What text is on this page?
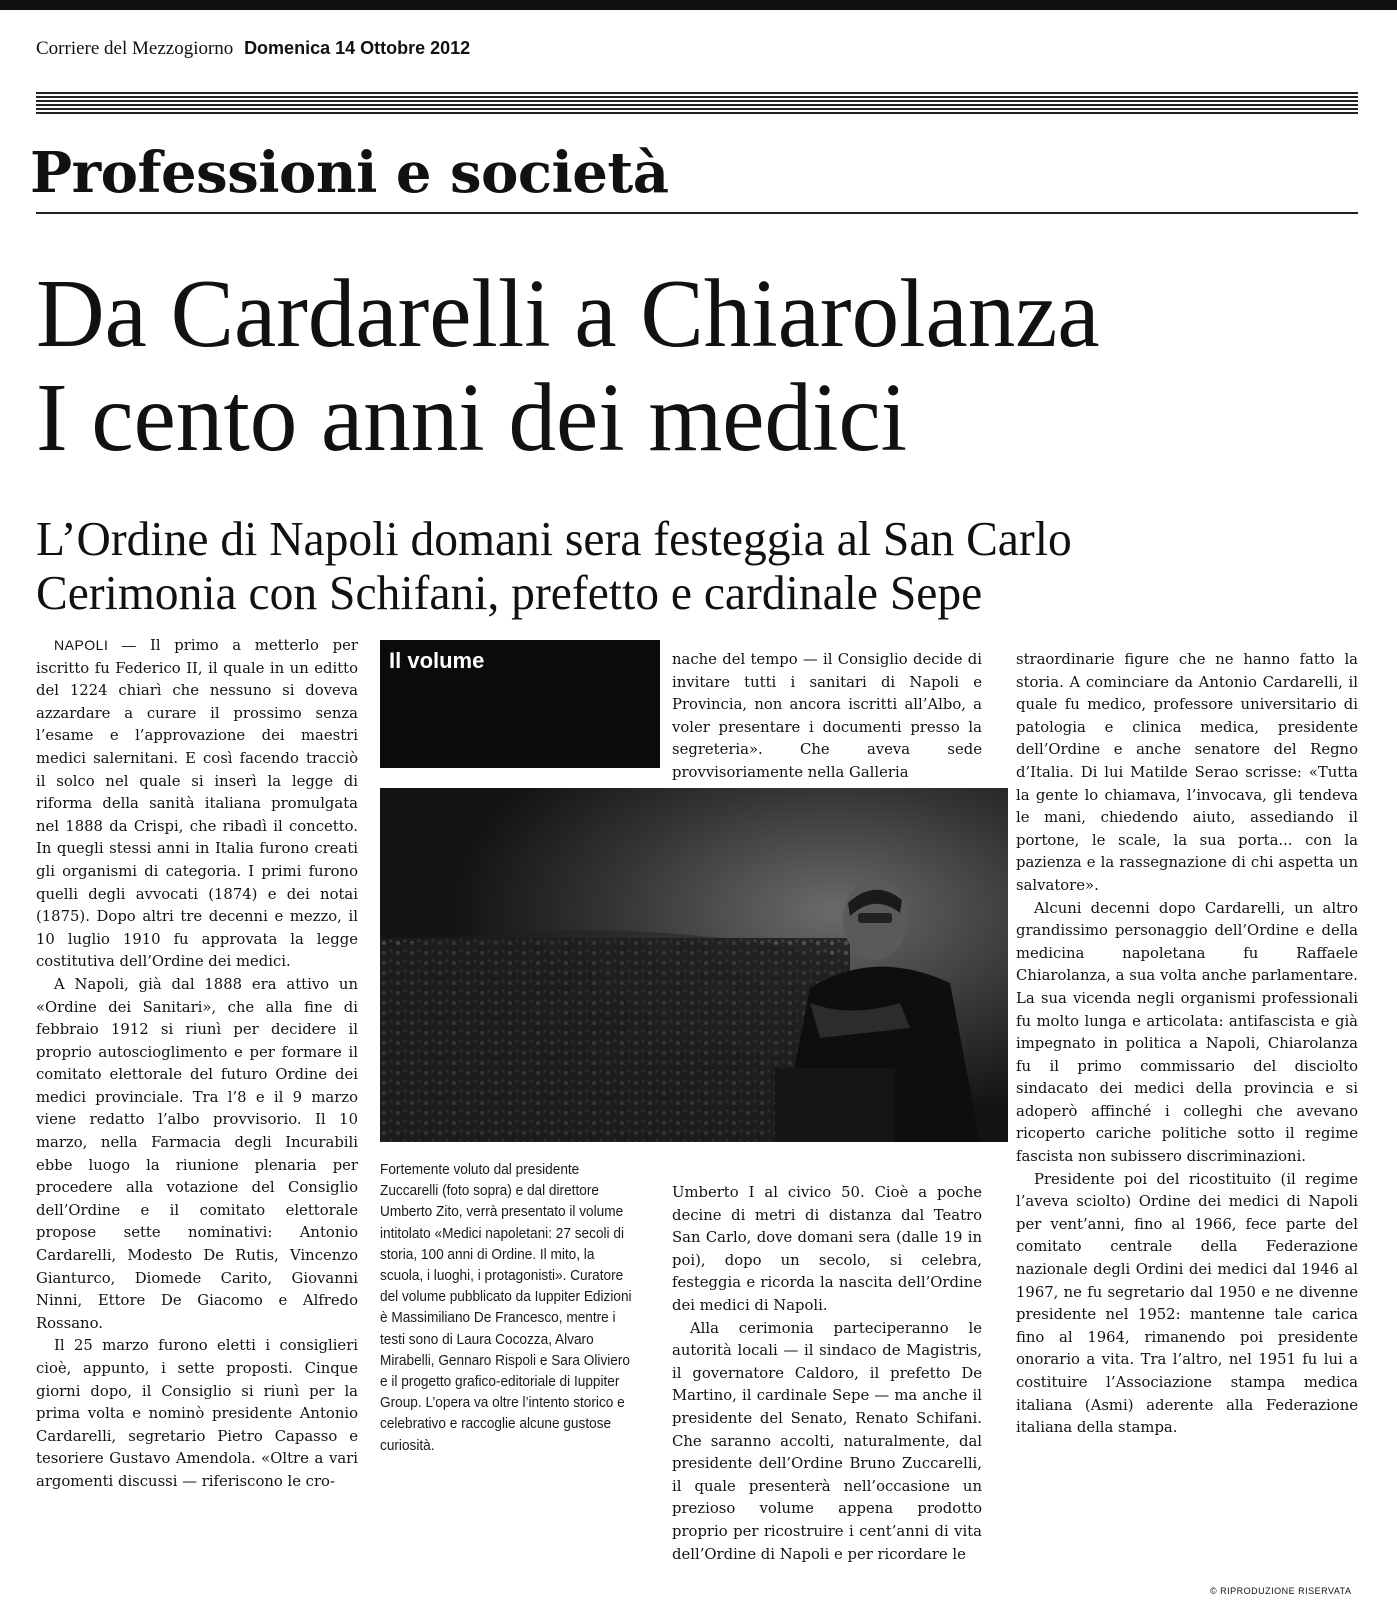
Corriere del Mezzogiorno Domenica 14 Ottobre 2012
Professioni e società
Da Cardarelli a Chiarolanza
I cento anni dei medici
L’Ordine di Napoli domani sera festeggia al San Carlo
Cerimonia con Schifani, prefetto e cardinale Sepe

NAPOLI — Il primo a metterlo per iscritto fu Federico II, il quale in un editto del 1224 chiarì che nessuno si doveva azzardare a curare il prossimo senza l’esame e l’approvazione dei maestri medici salernitani. E così facendo tracciò il solco nel quale si inserì la legge di riforma della sanità italiana promulgata nel 1888 da Crispi, che ribadì il concetto. In quegli stessi anni in Italia furono creati gli organismi di categoria. I primi furono quelli degli avvocati (1874) e dei notai (1875). Dopo altri tre decenni e mezzo, il 10 luglio 1910 fu approvata la legge costitutiva dell’Ordine dei medici.

A Napoli, già dal 1888 era attivo un «Ordine dei Sanitari», che alla fine di febbraio 1912 si riunì per decidere il proprio autoscioglimento e per formare il comitato elettorale del futuro Ordine dei medici provinciale. Tra l’8 e il 9 marzo viene redatto l’albo provvisorio. Il 10 marzo, nella Farmacia degli Incurabili ebbe luogo la riunione plenaria per procedere alla votazione del Consiglio dell’Ordine e il comitato elettorale propose sette nominativi: Antonio Cardarelli, Modesto De Rutis, Vincenzo Gianturco, Diomede Carito, Giovanni Ninni, Ettore De Giacomo e Alfredo Rossano.

Il 25 marzo furono eletti i consiglieri cioè, appunto, i sette proposti. Cinque giorni dopo, il Consiglio si riunì per la prima volta e nominò presidente Antonio Cardarelli, segretario Pietro Capasso e tesoriere Gustavo Amendola. «Oltre a vari argomenti discussi — riferiscono le cro-

Il volume	nache del tempo — il Consiglio decide di invitare tutti i sanitari di Napoli e Provincia, non ancora iscritti all’Albo, a voler presentare i documenti presso la segreteria». Che aveva sede provvisoriamente nella Galleria

Fortemente voluto dal presidente Zuccarelli (foto sopra) e dal direttore Umberto Zito, verrà presentato il volume intitolato «Medici napoletani: 27 secoli di storia, 100 anni di Ordine. Il mito, la scuola, i luoghi, i protagonisti». Curatore del volume pubblicato da Iuppiter Edizioni è Massimiliano De Francesco, mentre i testi sono di Laura Cocozza, Alvaro Mirabelli, Gennaro Rispoli e Sara Oliviero e il progetto grafico-editoriale di Iuppiter Group. L’opera va oltre l’intento storico e celebrativo e raccoglie alcune gustose curiosità.

Umberto I al civico 50. Cioè a poche decine di metri di distanza dal Teatro San Carlo, dove domani sera (dalle 19 in poi), dopo un secolo, si celebra, festeggia e ricorda la nascita dell’Ordine dei medici di Napoli.

Alla cerimonia parteciperanno le autorità locali — il sindaco de Magistris, il governatore Caldoro, il prefetto De Martino, il cardinale Sepe — ma anche il presidente del Senato, Renato Schifani. Che saranno accolti, naturalmente, dal presidente dell’Ordine Bruno Zuccarelli, il quale presenterà nell’occasione un prezioso volume appena prodotto proprio per ricostruire i cent’anni di vita dell’Ordine di Napoli e per ricordare le

straordinarie figure che ne hanno fatto la storia. A cominciare da Antonio Cardarelli, il quale fu medico, professore universitario di patologia e clinica medica, presidente dell’Ordine e anche senatore del Regno d’Italia. Di lui Matilde Serao scrisse: «Tutta la gente lo chiamava, l’invocava, gli tendeva le mani, chiedendo aiuto, assediando il portone, le scale, la sua porta... con la pazienza e la rassegnazione di chi aspetta un salvatore».

Alcuni decenni dopo Cardarelli, un altro grandissimo personaggio dell’Ordine e della medicina napoletana fu Raffaele Chiarolanza, a sua volta anche parlamentare. La sua vicenda negli organismi professionali fu molto lunga e articolata: antifascista e già impegnato in politica a Napoli, Chiarolanza fu il primo commissario del disciolto sindacato dei medici della provincia e si adoperò affinché i colleghi che avevano ricoperto cariche politiche sotto il regime fascista non subissero discriminazioni.

Presidente poi del ricostituito (il regime l’aveva sciolto) Ordine dei medici di Napoli per vent’anni, fino al 1966, fece parte del comitato centrale della Federazione nazionale degli Ordini dei medici dal 1946 al 1967, ne fu segretario dal 1950 e ne divenne presidente nel 1952: mantenne tale carica fino al 1964, rimanendo poi presidente onorario a vita. Tra l’altro, nel 1951 fu lui a costituire l’Associazione stampa medica italiana (Asmi) aderente alla Federazione italiana della stampa.

© RIPRODUZIONE RISERVATA
